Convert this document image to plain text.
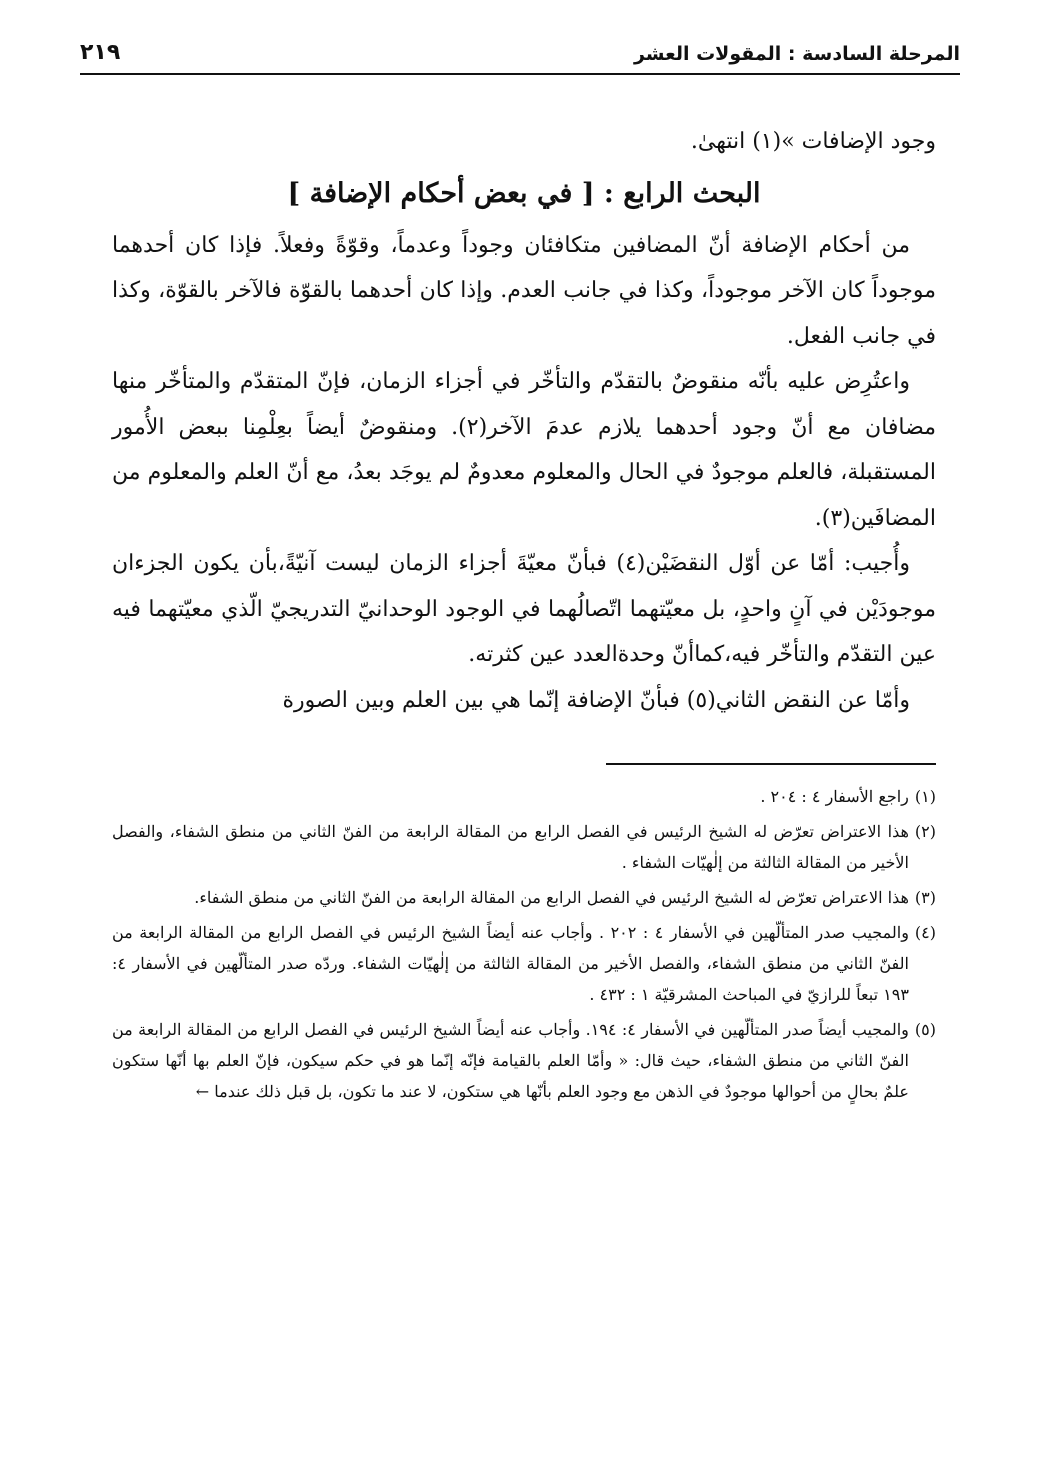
المرحلة السادسة : المقولات العشر
٢١٩

وجود الإضافات »(١) انتهىٰ.

البحث الرابع : [ في بعض أحكام الإضافة ]

من أحكام الإضافة أنّ المضافين متكافئان وجوداً وعدماً، وقوّةً وفعلاً. فإذا كان أحدهما موجوداً كان الآخر موجوداً، وكذا في جانب العدم. وإذا كان أحدهما بالقوّة فالآخر بالقوّة، وكذا في جانب الفعل.

واعتُرِض عليه بأنّه منقوضٌ بالتقدّم والتأخّر في أجزاء الزمان، فإنّ المتقدّم والمتأخّر منها مضافان مع أنّ وجود أحدهما يلازم عدمَ الآخر(٢). ومنقوضٌ أيضاً بعِلْمِنا ببعض الأُمور المستقبلة، فالعلم موجودٌ في الحال والمعلوم معدومٌ لم يوجَد بعدُ، مع أنّ العلم والمعلوم من المضافَين(٣).

وأُجيب: أمّا عن أوّل النقضَيْن(٤) فبأنّ معيّةَ أجزاء الزمان ليست آنيّةً،بأن يكون الجزءان موجودَيْن في آنٍ واحدٍ، بل معيّتهما اتّصالُهما في الوجود الوحدانيّ التدريجيّ الّذي معيّتهما فيه عين التقدّم والتأخّر فيه،كماأنّ وحدةالعدد عين كثرته.

وأمّا عن النقض الثاني(٥) فبأنّ الإضافة إنّما هي بين العلم وبين الصورة

(١)
راجع الأسفار ٤ : ٢٠٤ .
(٢)
هذا الاعتراض تعرّض له الشيخ الرئيس في الفصل الرابع من المقالة الرابعة من الفنّ الثاني من منطق الشفاء، والفصل الأخير من المقالة الثالثة من إلٰهيّات الشفاء .
(٣)
هذا الاعتراض تعرّض له الشيخ الرئيس في الفصل الرابع من المقالة الرابعة من الفنّ الثاني من منطق الشفاء.
(٤)
والمجيب صدر المتألّهين في الأسفار ٤ : ٢٠٢ . وأجاب عنه أيضاً الشيخ الرئيس في الفصل الرابع من المقالة الرابعة من الفنّ الثاني من منطق الشفاء، والفصل الأخير من المقالة الثالثة من إلٰهيّات الشفاء. وردّه صدر المتألّهين في الأسفار ٤: ١٩٣ تبعاً للرازيّ في المباحث المشرقيّة ١ : ٤٣٢ .
(٥)
والمجيب أيضاً صدر المتألّهين في الأسفار ٤: ١٩٤. وأجاب عنه أيضاً الشيخ الرئيس في الفصل الرابع من المقالة الرابعة من الفنّ الثاني من منطق الشفاء، حيث قال: « وأمّا العلم بالقيامة فإنّه إنّما هو في حكم سيكون، فإنّ العلم بها أنّها ستكون علمٌ بحالٍ من أحوالها موجودٌ في الذهن مع وجود العلم بأنّها هي ستكون، لا عند ما تكون، بل قبل ذلك عندما ←
